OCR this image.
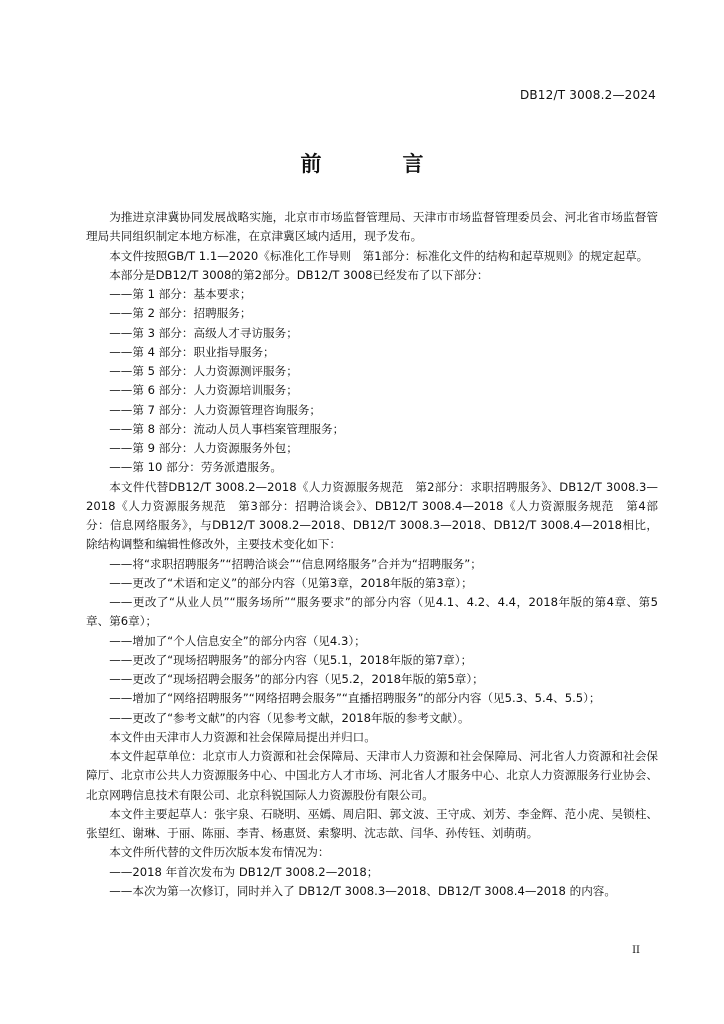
DB12/T 3008.2—2024
前　言

为推进京津冀协同发展战略实施，北京市市场监督管理局、天津市市场监督管理委员会、河北省市场监督管理局共同组织制定本地方标准，在京津冀区域内适用，现予发布。

本文件按照GB/T 1.1—2020《标准化工作导则　第1部分：标准化文件的结构和起草规则》的规定起草。

本部分是DB12/T 3008的第2部分。DB12/T 3008已经发布了以下部分：

——第 1 部分：基本要求；

——第 2 部分：招聘服务；

——第 3 部分：高级人才寻访服务；

——第 4 部分：职业指导服务；

——第 5 部分：人力资源测评服务；

——第 6 部分：人力资源培训服务；

——第 7 部分：人力资源管理咨询服务；

——第 8 部分：流动人员人事档案管理服务；

——第 9 部分：人力资源服务外包；

——第 10 部分：劳务派遣服务。

本文件代替DB12/T 3008.2—2018《人力资源服务规范　第2部分：求职招聘服务》、DB12/T 3008.3—2018《人力资源服务规范　第3部分：招聘洽谈会》、DB12/T 3008.4—2018《人力资源服务规范　第4部分：信息网络服务》，与DB12/T 3008.2—2018、DB12/T 3008.3—2018、DB12/T 3008.4—2018相比，除结构调整和编辑性修改外，主要技术变化如下：

——将“求职招聘服务”“招聘洽谈会”“信息网络服务”合并为“招聘服务”；

——更改了“术语和定义”的部分内容（见第3章，2018年版的第3章）；

——更改了“从业人员”“服务场所”“服务要求”的部分内容（见4.1、4.2、4.4，2018年版的第4章、第5章、第6章）；

——增加了“个人信息安全”的部分内容（见4.3）；

——更改了“现场招聘服务”的部分内容（见5.1，2018年版的第7章）；

——更改了“现场招聘会服务”的部分内容（见5.2，2018年版的第5章）；

——增加了“网络招聘服务”“网络招聘会服务”“直播招聘服务”的部分内容（见5.3、5.4、5.5）；

——更改了“参考文献”的内容（见参考文献，2018年版的参考文献）。

本文件由天津市人力资源和社会保障局提出并归口。

本文件起草单位：北京市人力资源和社会保障局、天津市人力资源和社会保障局、河北省人力资源和社会保障厅、北京市公共人力资源服务中心、中国北方人才市场、河北省人才服务中心、北京人力资源服务行业协会、北京网聘信息技术有限公司、北京科锐国际人力资源股份有限公司。

本文件主要起草人：张宇泉、石晓明、巫嫣、周启阳、郭文波、王守成、刘芳、李金辉、范小虎、吴锁柱、张望红、谢琳、于丽、陈丽、李青、杨惠贤、索黎明、沈志歆、闫华、孙传钰、刘萌萌。

本文件所代替的文件历次版本发布情况为：

——2018 年首次发布为 DB12/T 3008.2—2018；

——本次为第一次修订，同时并入了 DB12/T 3008.3—2018、DB12/T 3008.4—2018 的内容。

II
